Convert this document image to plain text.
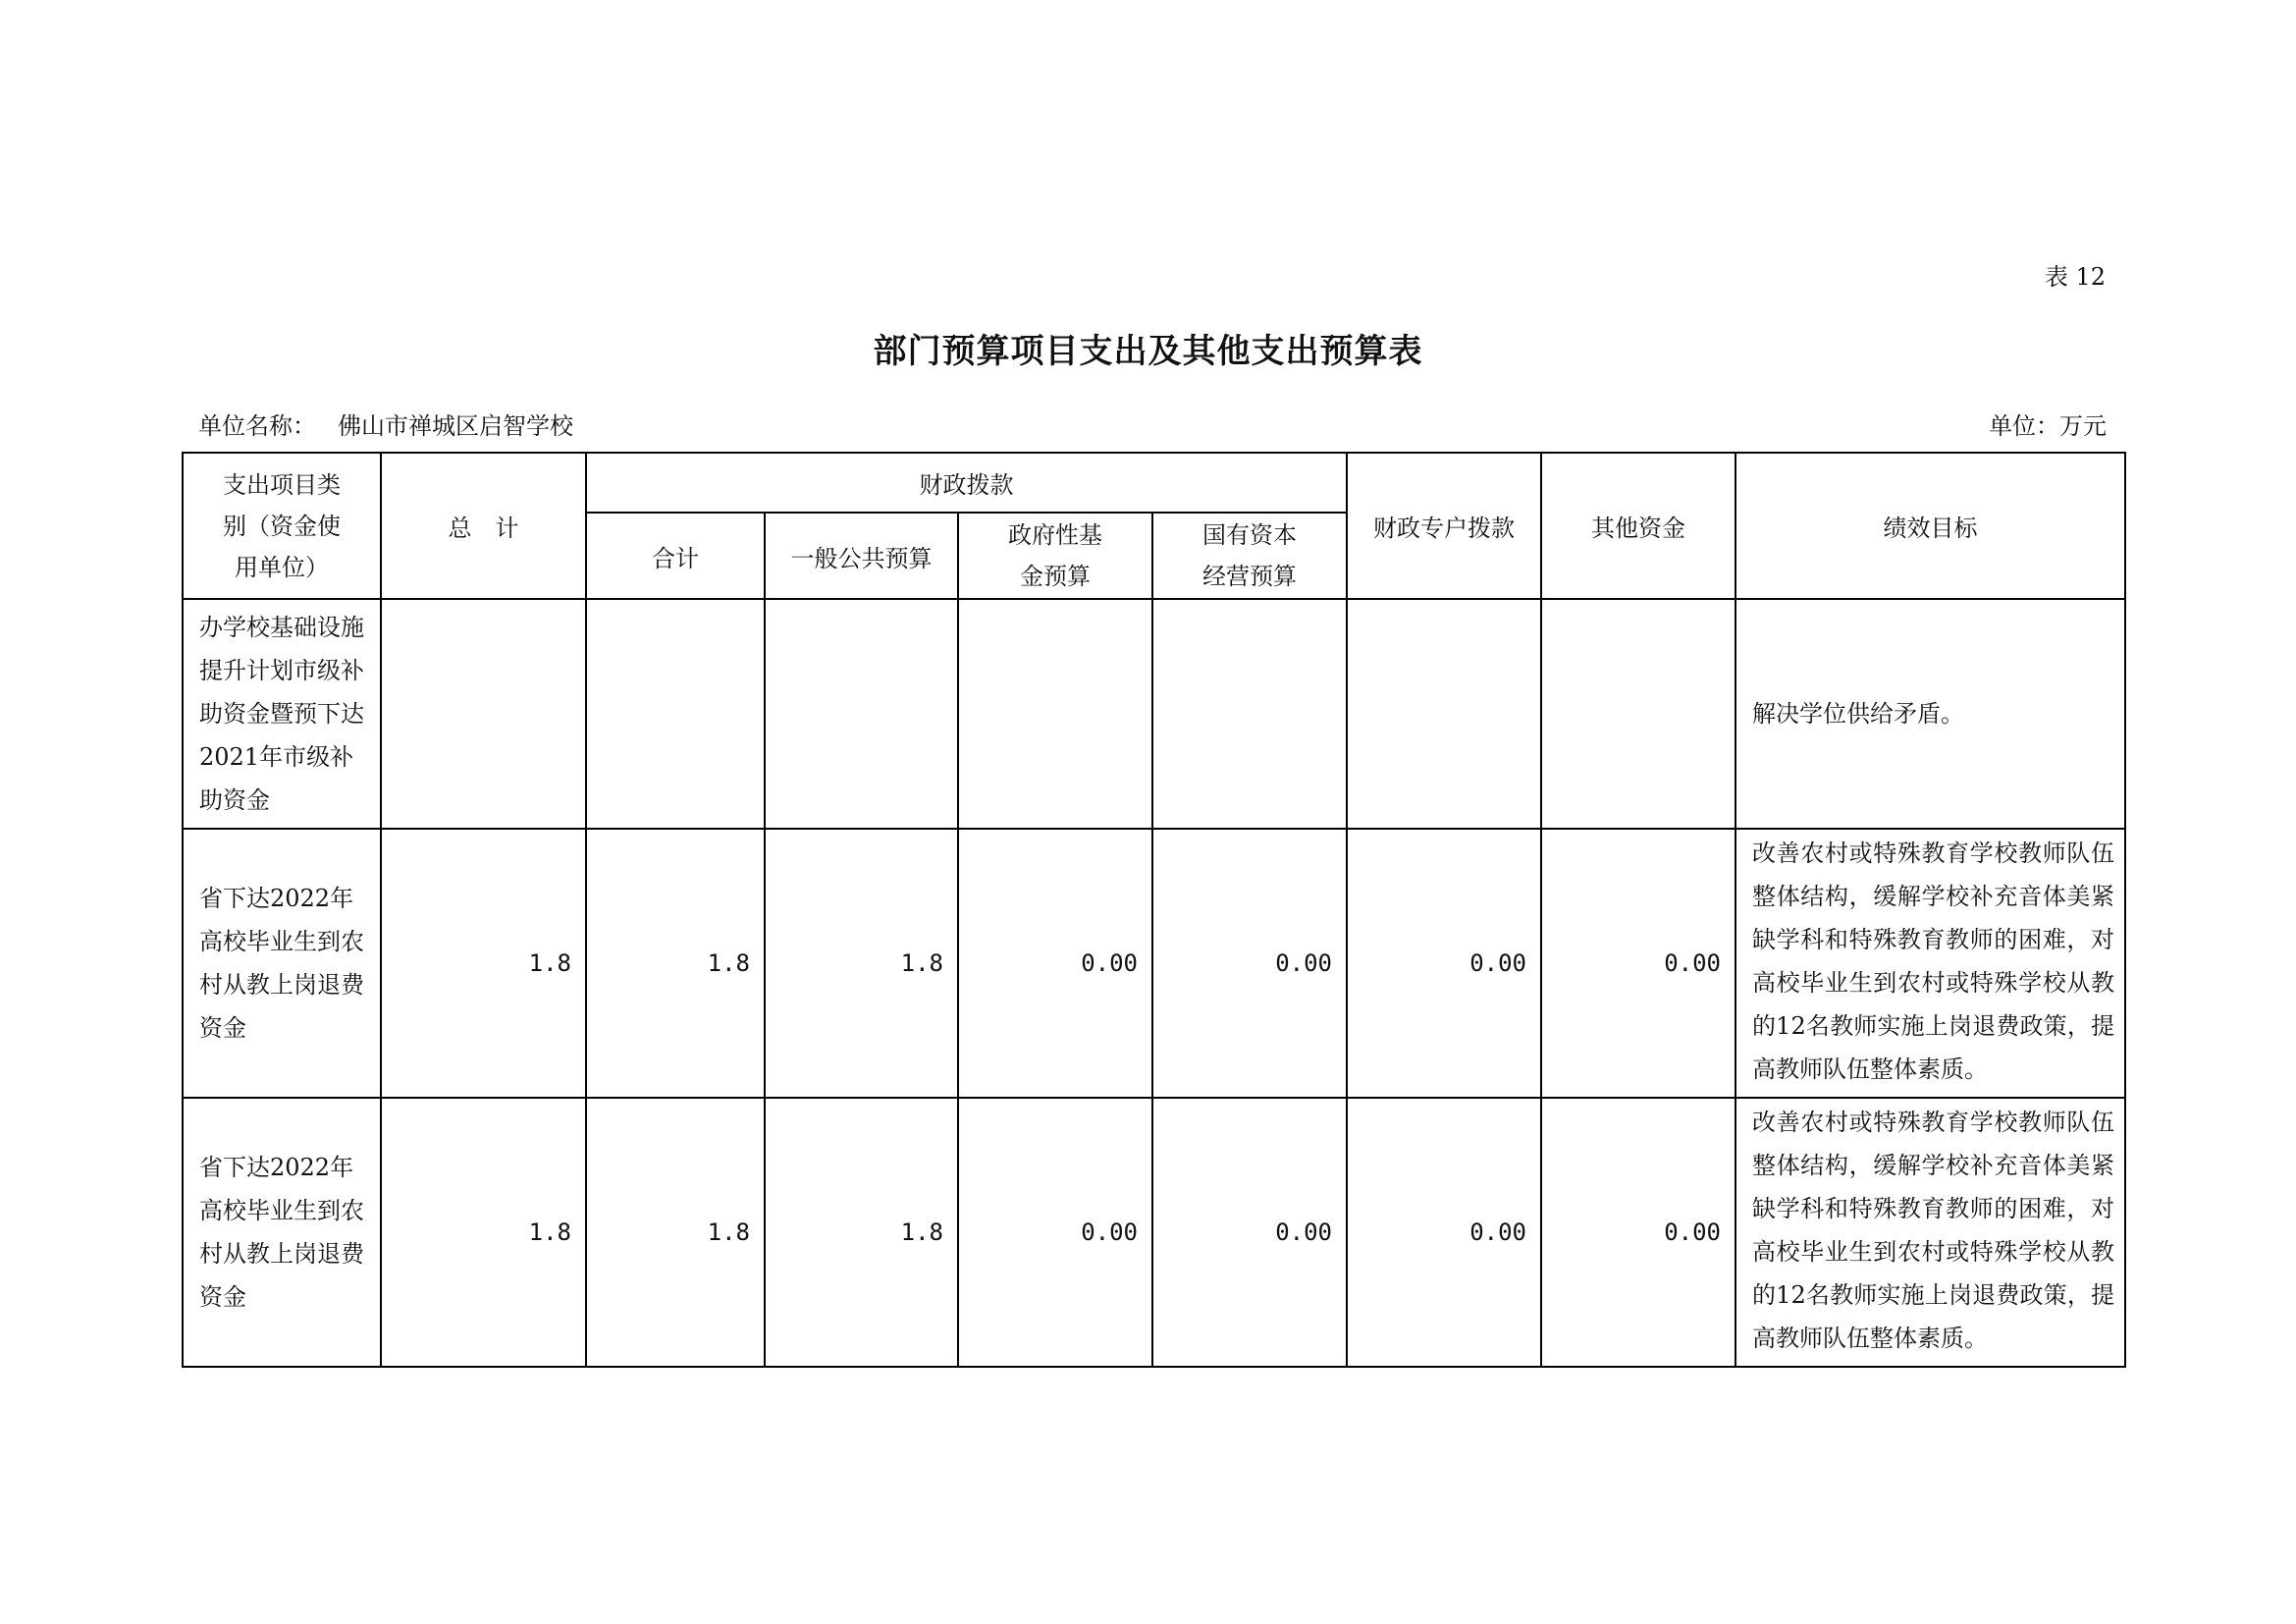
表 12
部门预算项目支出及其他支出预算表
单位名称： 佛山市禅城区启智学校	单位：万元
支出项目类别（资金使用单位）	总　计	财政拨款				财政专户拨款	其他资金	绩效目标
		合计	一般公共预算	政府性基金预算	国有资本经营预算			
办学校基础设施提升计划市级补助资金暨预下达2021年市级补助资金								解决学位供给矛盾。
省下达2022年高校毕业生到农村从教上岗退费资金	1.8	1.8	1.8	0.00	0.00	0.00	0.00	改善农村或特殊教育学校教师队伍整体结构，缓解学校补充音体美紧缺学科和特殊教育教师的困难，对高校毕业生到农村或特殊学校从教的12名教师实施上岗退费政策，提高教师队伍整体素质。
省下达2022年高校毕业生到农村从教上岗退费资金	1.8	1.8	1.8	0.00	0.00	0.00	0.00	改善农村或特殊教育学校教师队伍整体结构，缓解学校补充音体美紧缺学科和特殊教育教师的困难，对高校毕业生到农村或特殊学校从教的12名教师实施上岗退费政策，提高教师队伍整体素质。
